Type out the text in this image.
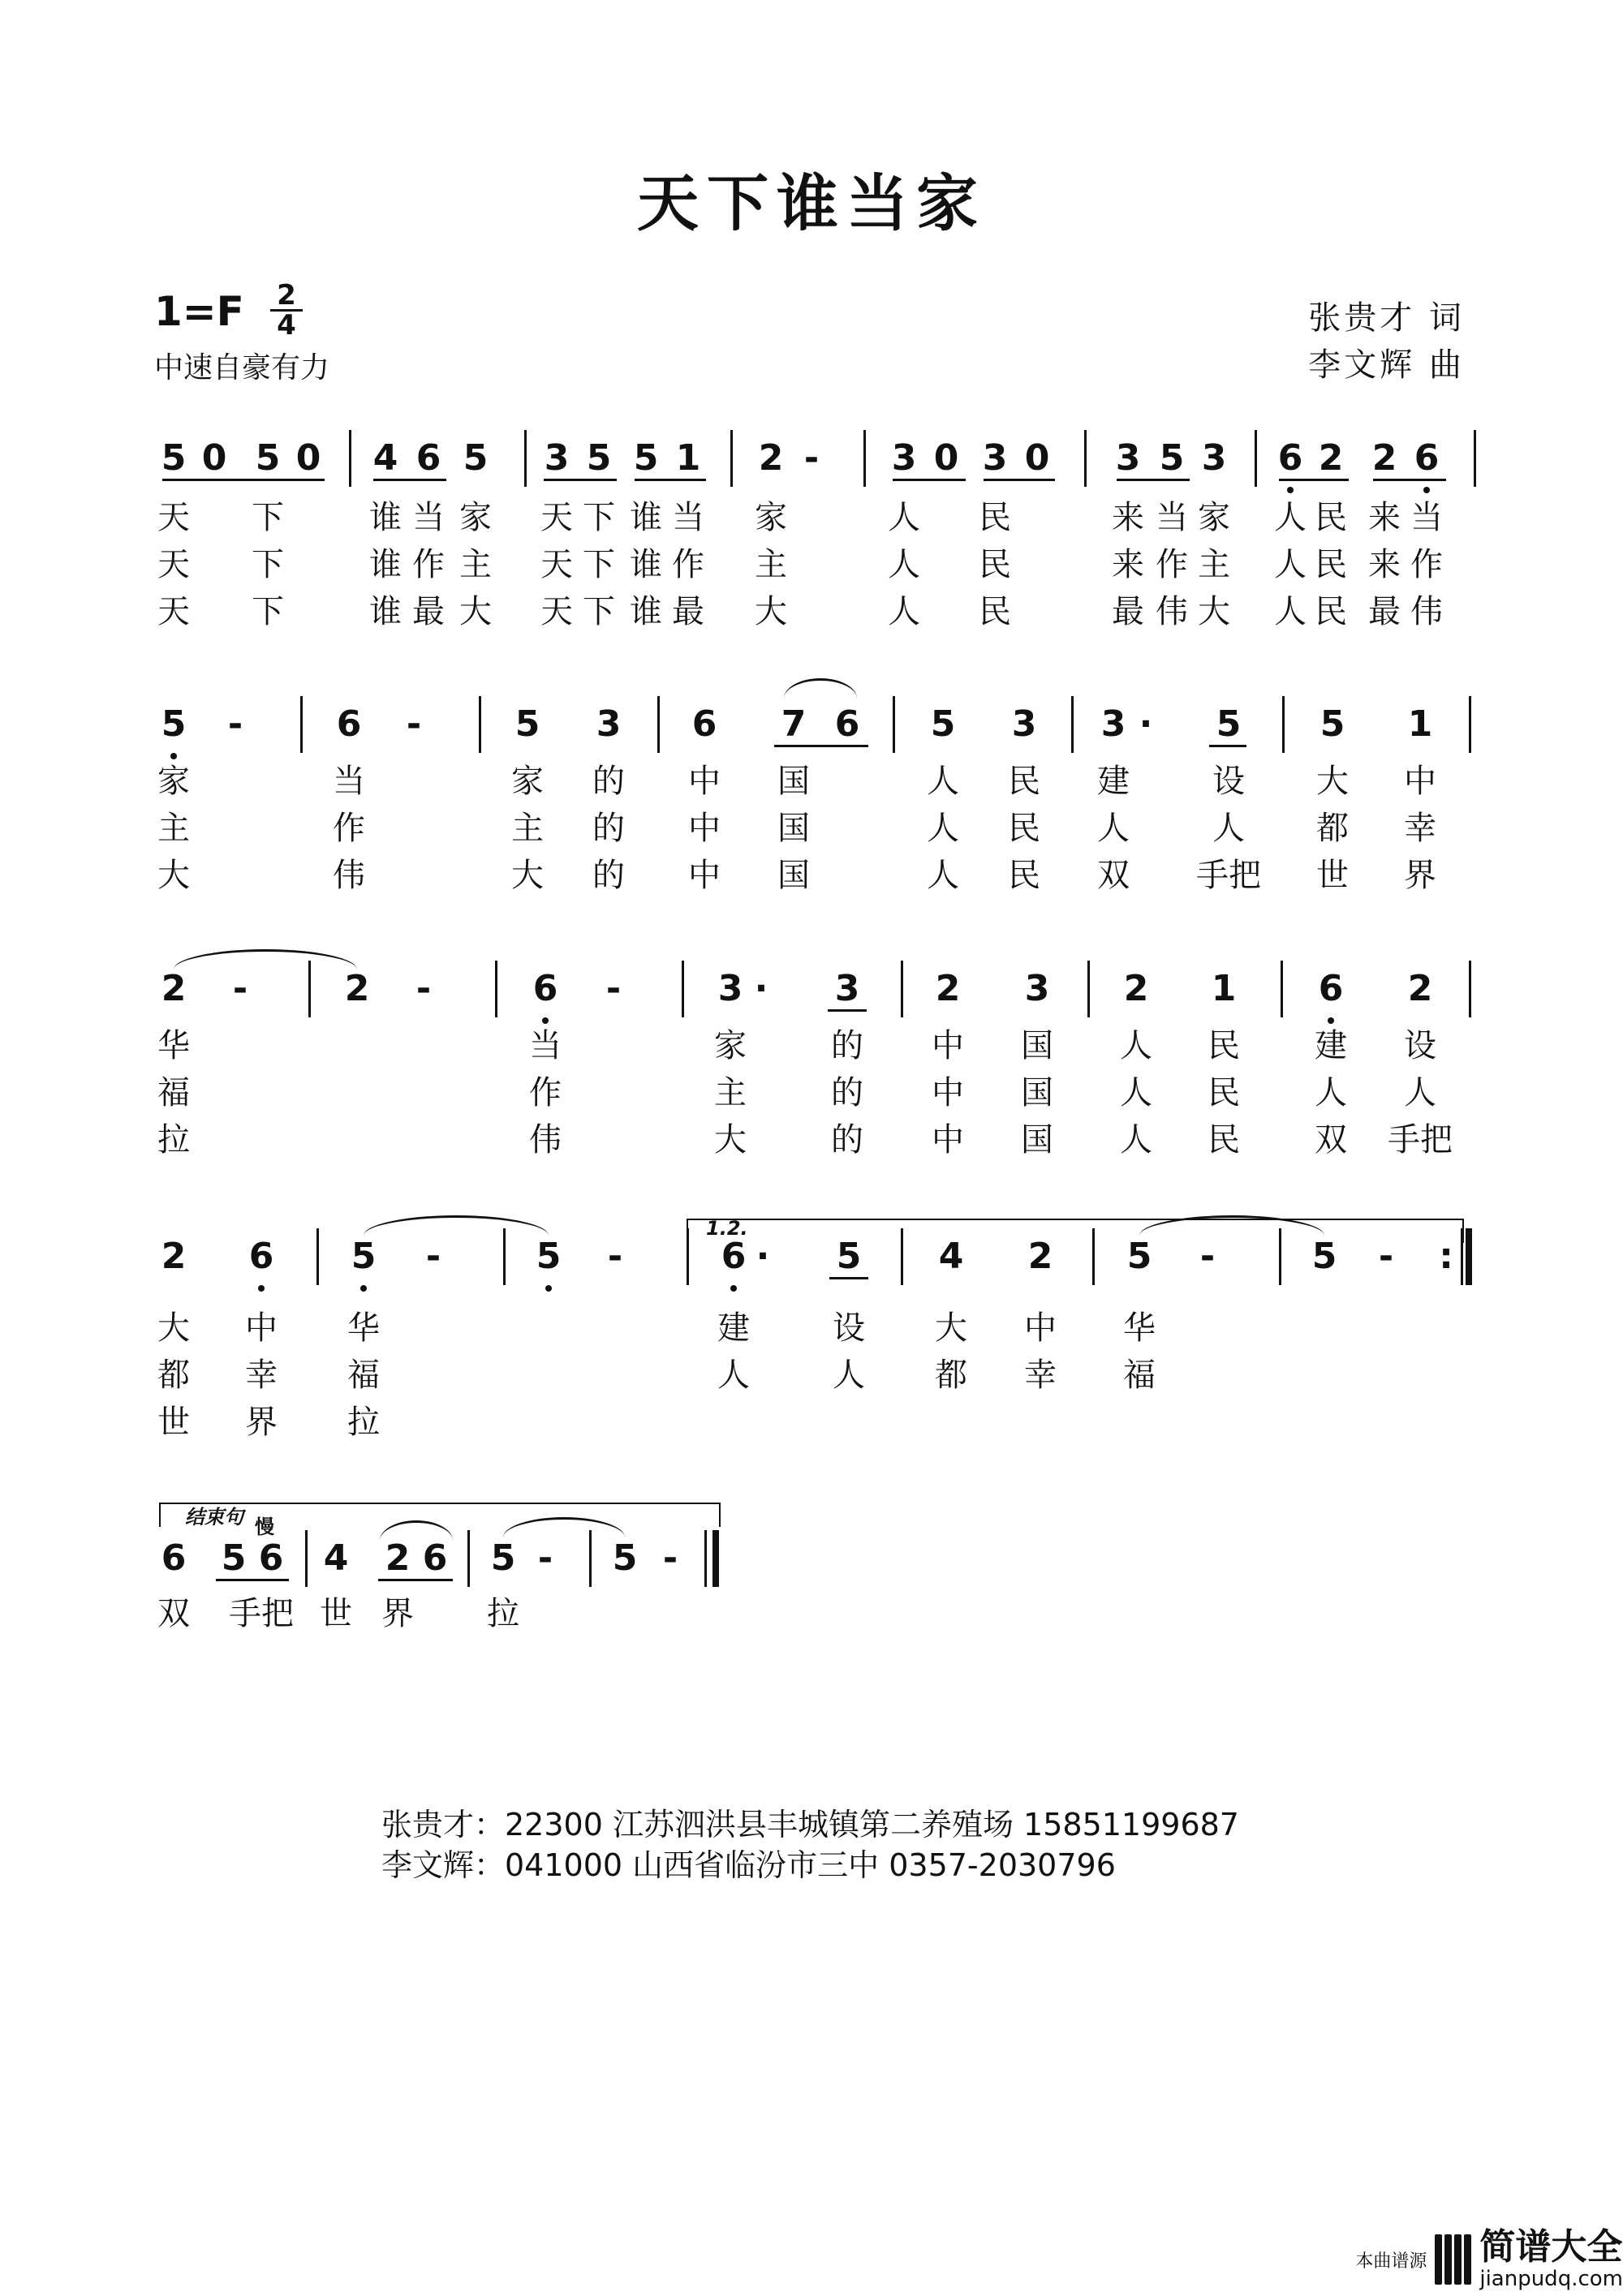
天下谁当家
1=F 2
4
中速自豪有力
张贵才 词
李文辉 曲
5 0 5 0 4 6 5 3 5 5 1 2 - 3 0 3 0 3 5 3 6 2 2 6
天 下	谁 当 家 天 下 谁 当 家	人 民	来 当 家 人 民 来 当
天 下	谁 作 主 天 下 谁 作 主	人 民	来 作 主 人 民 来 作
天 下	谁 最 大 天 下 谁 最 大	人 民	最 伟 大 人 民 最 伟
5 -	6 -	5 3 6 7 6 5 3 3 · 5 5 1
家	当	家 的 中 国	人 民 建	设 大 中
主	作	主 的 中 国	人 民 人	人 都 幸
大	伟	大 的 中 国	人 民 双 手把 世 界
2 -	2 -	6 -	3 · 3 2 3 2 1 6 2
华	当	家	的 中 国 人 民 建 设
福	作	主	的 中 国 人 民 人 人
拉	伟	大	的 中 国 人 民 双 手把
2 6 5 -	5 -	6 · 5 4 2 5 -	5 - :
1.2.
大 中 华	建	设 大 中 华
都 幸 福	人	人 都 幸 福
世 界 拉
6 5 6 4 2 6 5 - 5 -
结束句 慢
双 手把 世 界 拉
张贵才：22300 江苏泗洪县丰城镇第二养殖场 15851199687
李文辉：041000 山西省临汾市三中 0357-2030796
本曲谱源 简谱大全
jianpudq.com
